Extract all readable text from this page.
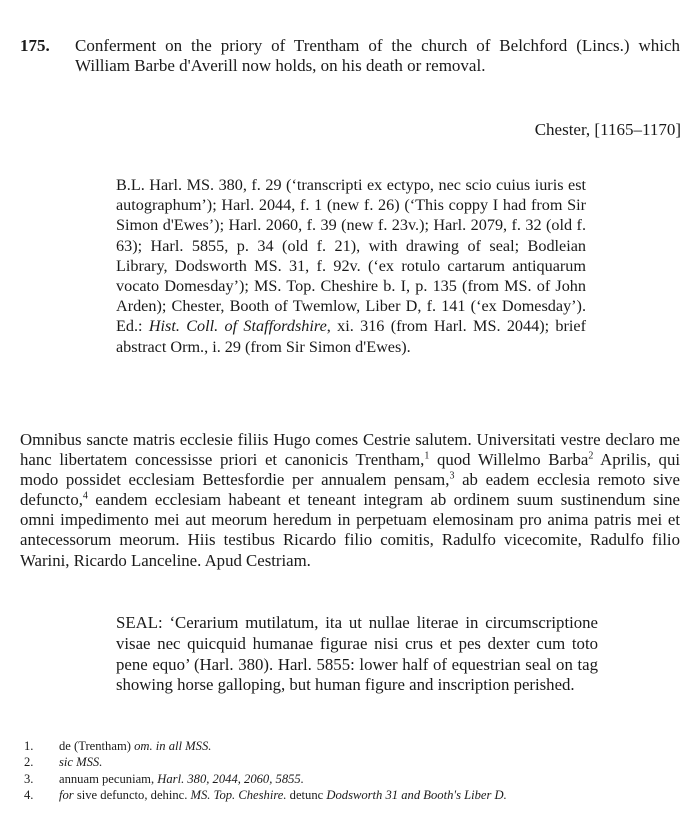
175. Conferment on the priory of Trentham of the church of Belchford (Lincs.) which William Barbe d'Averill now holds, on his death or removal.
Chester, [1165–1170]
B.L. Harl. MS. 380, f. 29 (‘transcripti ex ectypo, nec scio cuius iuris est autographum’); Harl. 2044, f. 1 (new f. 26) (‘This coppy I had from Sir Simon d'Ewes’); Harl. 2060, f. 39 (new f. 23v.); Harl. 2079, f. 32 (old f. 63); Harl. 5855, p. 34 (old f. 21), with drawing of seal; Bodleian Library, Dodsworth MS. 31, f. 92v. (‘ex rotulo cartarum antiquarum vocato Domesday’); MS. Top. Cheshire b. I, p. 135 (from MS. of John Arden); Chester, Booth of Twemlow, Liber D, f. 141 (‘ex Domesday’). Ed.: Hist. Coll. of Staffordshire, xi. 316 (from Harl. MS. 2044); brief abstract Orm., i. 29 (from Sir Simon d'Ewes).
Omnibus sancte matris ecclesie filiis Hugo comes Cestrie salutem. Universitati vestre declaro me hanc libertatem concessisse priori et canonicis Trentham,$^1$ quod Willelmo Barba$^2$ Aprilis, qui modo possidet ecclesiam Bettesfordie per annualem pensam,$^3$ ab eadem ecclesia remoto sive defuncto,$^4$ eandem ecclesiam habeant et teneant integram ab ordinem suum sustinendum sine omni impedimento mei aut meorum heredum in perpetuam elemosinam pro anima patris mei et antecessorum meorum. Hiis testibus Ricardo filio comitis, Radulfo vicecomite, Radulfo filio Warini, Ricardo Lanceline. Apud Cestriam.
SEAL: ‘Cerarium mutilatum, ita ut nullae literae in circumscriptione visae nec quicquid humanae figurae nisi crus et pes dexter cum toto pene equo’ (Harl. 380). Harl. 5855: lower half of equestrian seal on tag showing horse galloping, but human figure and inscription perished.
1.	de (Trentham) om. in all MSS.
2.	sic MSS.
3.	annuam pecuniam, Harl. 380, 2044, 2060, 5855.
4.	for sive defuncto, dehinc. MS. Top. Cheshire. detunc Dodsworth 31 and Booth's Liber D.
